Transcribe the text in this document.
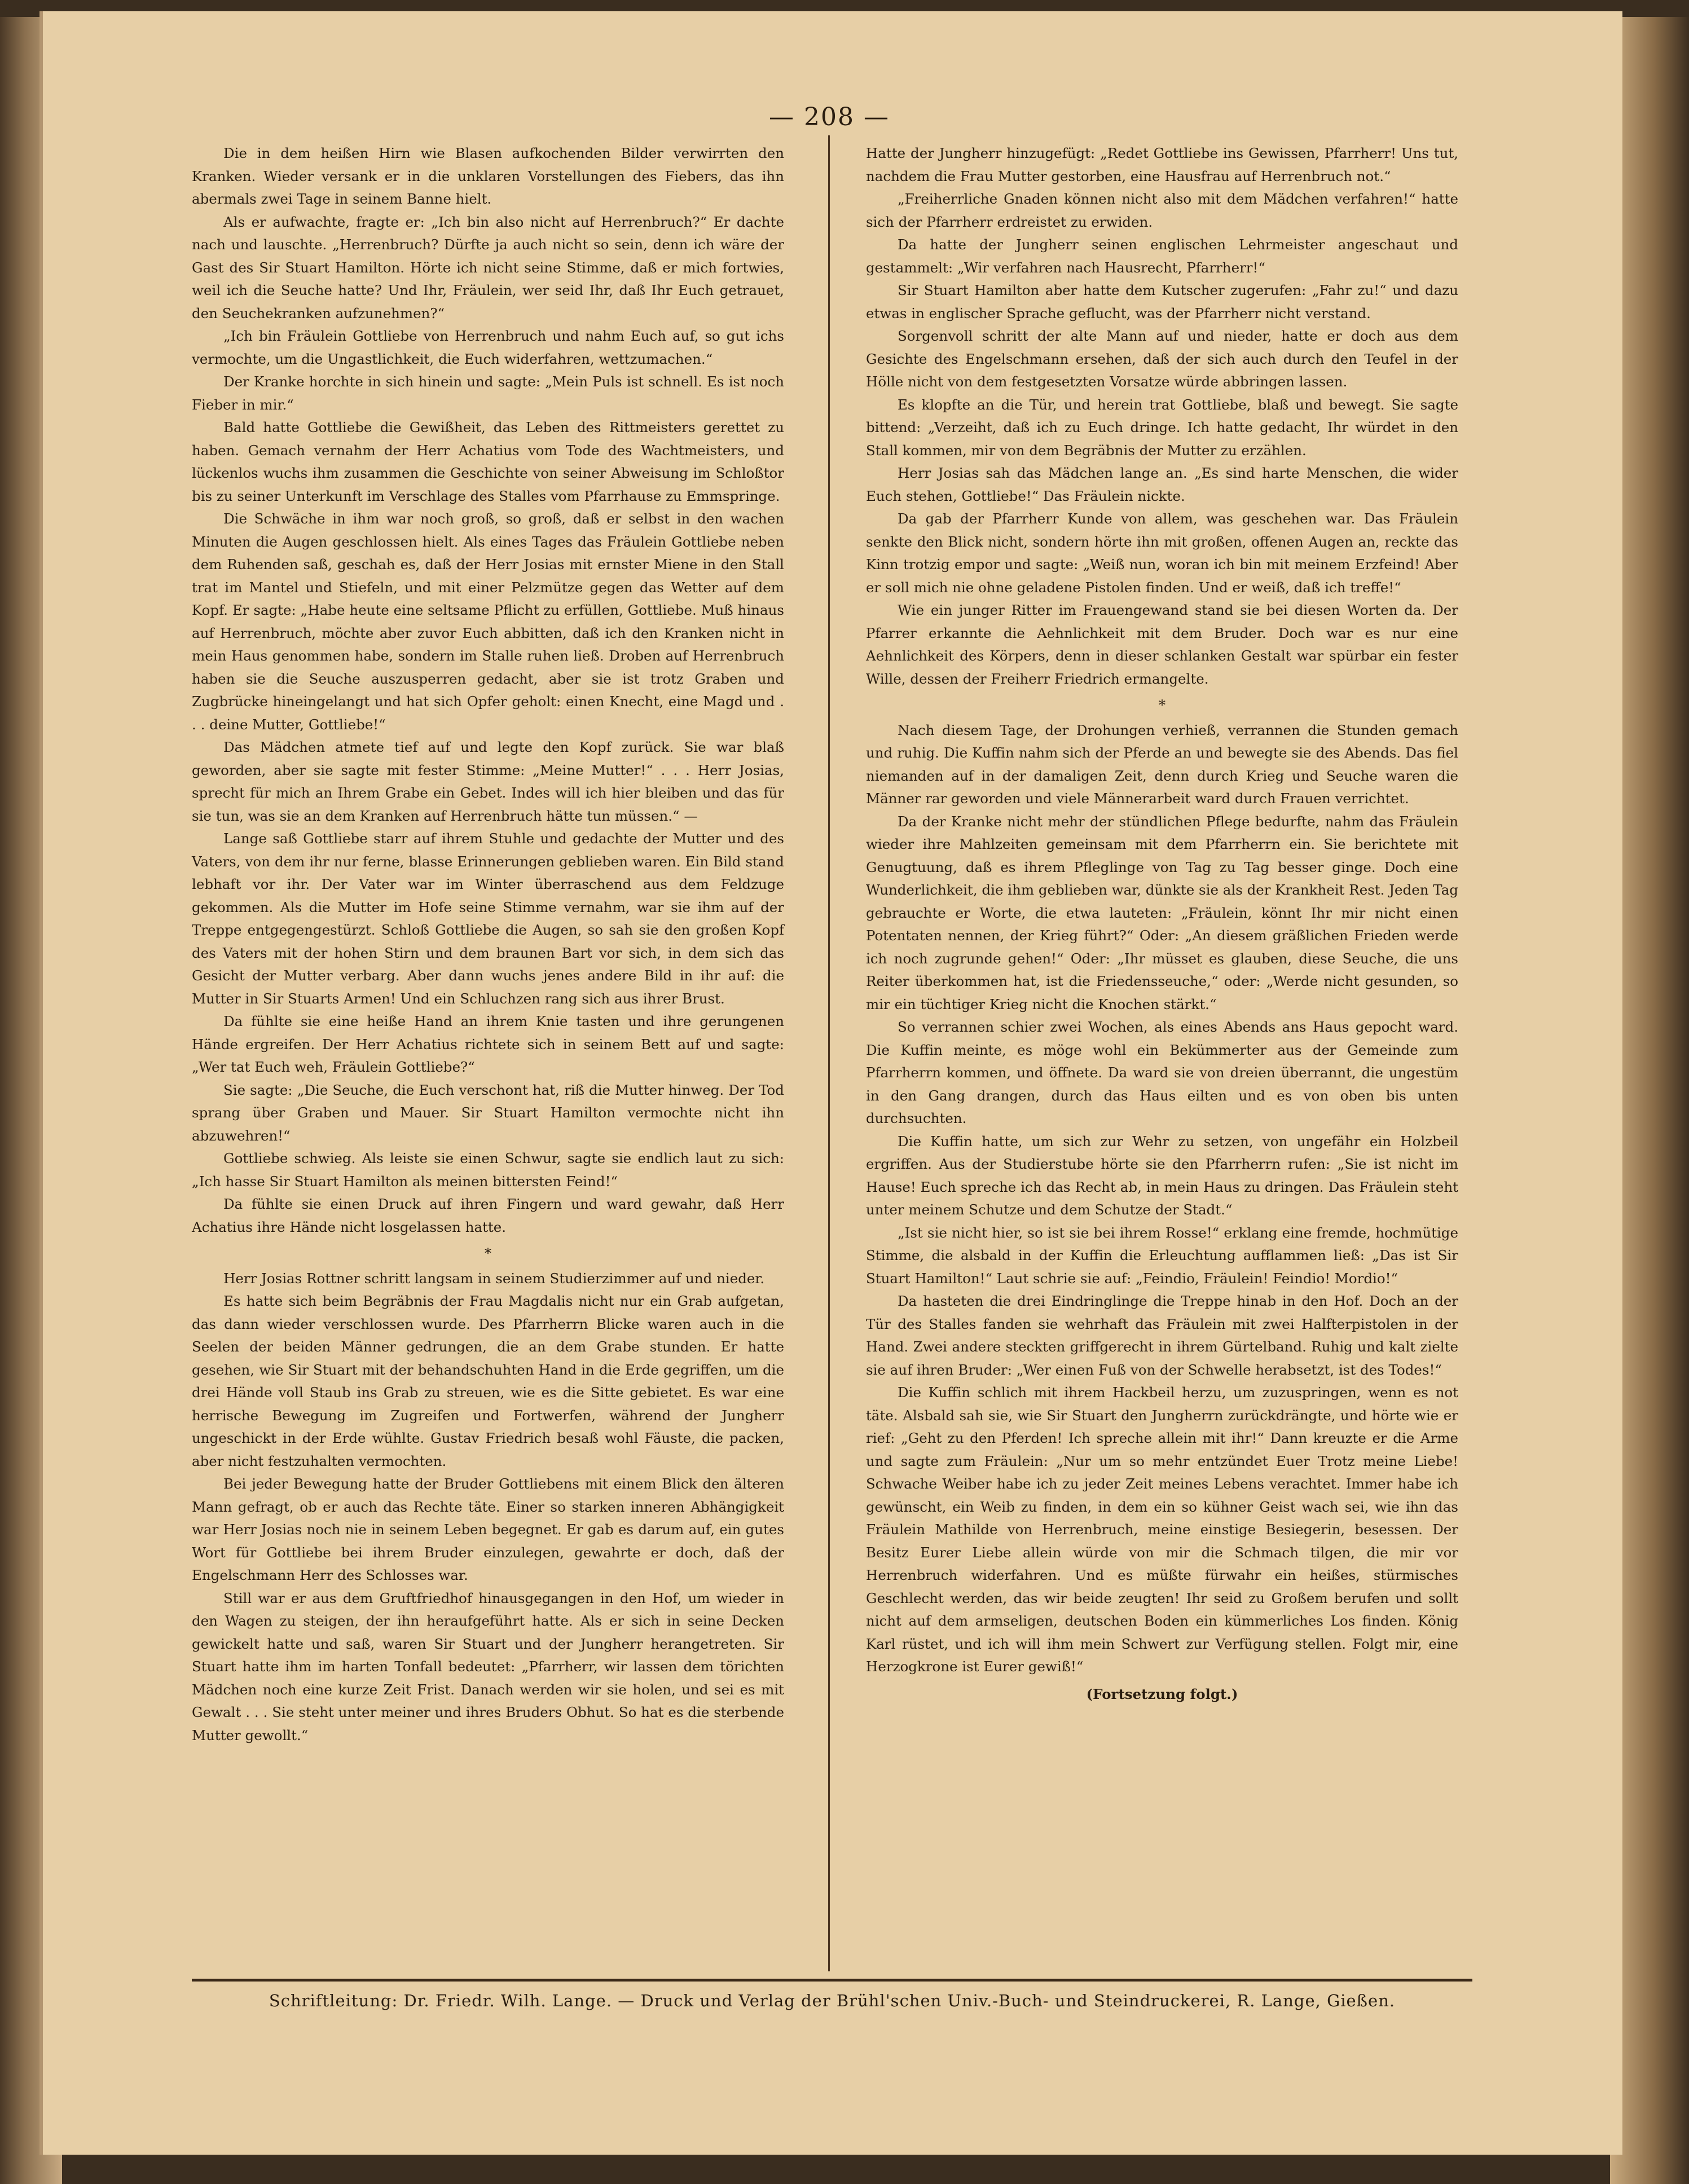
— 208 —

Die in dem heißen Hirn wie Blasen aufkochenden Bilder verwirrten den Kranken. Wieder versank er in die unklaren Vorstellungen des Fiebers, das ihn abermals zwei Tage in seinem Banne hielt.

Als er aufwachte, fragte er: „Ich bin also nicht auf Herrenbruch?“ Er dachte nach und lauschte. „Herrenbruch? Dürfte ja auch nicht so sein, denn ich wäre der Gast des Sir Stuart Hamilton. Hörte ich nicht seine Stimme, daß er mich fortwies, weil ich die Seuche hatte? Und Ihr, Fräulein, wer seid Ihr, daß Ihr Euch getrauet, den Seuchekranken aufzunehmen?“

„Ich bin Fräulein Gottliebe von Herrenbruch und nahm Euch auf, so gut ichs vermochte, um die Ungastlichkeit, die Euch widerfahren, wettzumachen.“

Der Kranke horchte in sich hinein und sagte: „Mein Puls ist schnell. Es ist noch Fieber in mir.“

Bald hatte Gottliebe die Gewißheit, das Leben des Rittmeisters gerettet zu haben. Gemach vernahm der Herr Achatius vom Tode des Wachtmeisters, und lückenlos wuchs ihm zusammen die Geschichte von seiner Abweisung im Schloßtor bis zu seiner Unterkunft im Verschlage des Stalles vom Pfarrhause zu Emmspringe.

Die Schwäche in ihm war noch groß, so groß, daß er selbst in den wachen Minuten die Augen geschlossen hielt. Als eines Tages das Fräulein Gottliebe neben dem Ruhenden saß, geschah es, daß der Herr Josias mit ernster Miene in den Stall trat im Mantel und Stiefeln, und mit einer Pelzmütze gegen das Wetter auf dem Kopf. Er sagte: „Habe heute eine seltsame Pflicht zu erfüllen, Gottliebe. Muß hinaus auf Herrenbruch, möchte aber zuvor Euch abbitten, daß ich den Kranken nicht in mein Haus genommen habe, sondern im Stalle ruhen ließ. Droben auf Herrenbruch haben sie die Seuche auszusperren gedacht, aber sie ist trotz Graben und Zugbrücke hineingelangt und hat sich Opfer geholt: einen Knecht, eine Magd und . . . deine Mutter, Gottliebe!“

Das Mädchen atmete tief auf und legte den Kopf zurück. Sie war blaß geworden, aber sie sagte mit fester Stimme: „Meine Mutter!“ . . . Herr Josias, sprecht für mich an Ihrem Grabe ein Gebet. Indes will ich hier bleiben und das für sie tun, was sie an dem Kranken auf Herrenbruch hätte tun müssen.“ —

Lange saß Gottliebe starr auf ihrem Stuhle und gedachte der Mutter und des Vaters, von dem ihr nur ferne, blasse Erinnerungen geblieben waren. Ein Bild stand lebhaft vor ihr. Der Vater war im Winter überraschend aus dem Feldzuge gekommen. Als die Mutter im Hofe seine Stimme vernahm, war sie ihm auf der Treppe entgegengestürzt. Schloß Gottliebe die Augen, so sah sie den großen Kopf des Vaters mit der hohen Stirn und dem braunen Bart vor sich, in dem sich das Gesicht der Mutter verbarg. Aber dann wuchs jenes andere Bild in ihr auf: die Mutter in Sir Stuarts Armen! Und ein Schluchzen rang sich aus ihrer Brust.

Da fühlte sie eine heiße Hand an ihrem Knie tasten und ihre gerungenen Hände ergreifen. Der Herr Achatius richtete sich in seinem Bett auf und sagte: „Wer tat Euch weh, Fräulein Gottliebe?“

Sie sagte: „Die Seuche, die Euch verschont hat, riß die Mutter hinweg. Der Tod sprang über Graben und Mauer. Sir Stuart Hamilton vermochte nicht ihn abzuwehren!“

Gottliebe schwieg. Als leiste sie einen Schwur, sagte sie endlich laut zu sich: „Ich hasse Sir Stuart Hamilton als meinen bittersten Feind!“

Da fühlte sie einen Druck auf ihren Fingern und ward gewahr, daß Herr Achatius ihre Hände nicht losgelassen hatte.

*

Herr Josias Rottner schritt langsam in seinem Studierzimmer auf und nieder.

Es hatte sich beim Begräbnis der Frau Magdalis nicht nur ein Grab aufgetan, das dann wieder verschlossen wurde. Des Pfarrherrn Blicke waren auch in die Seelen der beiden Männer gedrungen, die an dem Grabe stunden. Er hatte gesehen, wie Sir Stuart mit der behandschuhten Hand in die Erde gegriffen, um die drei Hände voll Staub ins Grab zu streuen, wie es die Sitte gebietet. Es war eine herrische Bewegung im Zugreifen und Fortwerfen, während der Jungherr ungeschickt in der Erde wühlte. Gustav Friedrich besaß wohl Fäuste, die packen, aber nicht festzuhalten vermochten.

Bei jeder Bewegung hatte der Bruder Gottliebens mit einem Blick den älteren Mann gefragt, ob er auch das Rechte täte. Einer so starken inneren Abhängigkeit war Herr Josias noch nie in seinem Leben begegnet. Er gab es darum auf, ein gutes Wort für Gottliebe bei ihrem Bruder einzulegen, gewahrte er doch, daß der Engelschmann Herr des Schlosses war.

Still war er aus dem Gruftfriedhof hinausgegangen in den Hof, um wieder in den Wagen zu steigen, der ihn heraufgeführt hatte. Als er sich in seine Decken gewickelt hatte und saß, waren Sir Stuart und der Jungherr herangetreten. Sir Stuart hatte ihm im harten Tonfall bedeutet: „Pfarrherr, wir lassen dem törichten Mädchen noch eine kurze Zeit Frist. Danach werden wir sie holen, und sei es mit Gewalt . . . Sie steht unter meiner und ihres Bruders Obhut. So hat es die sterbende Mutter gewollt.“

Hatte der Jungherr hinzugefügt: „Redet Gottliebe ins Gewissen, Pfarrherr! Uns tut, nachdem die Frau Mutter gestorben, eine Hausfrau auf Herrenbruch not.“

„Freiherrliche Gnaden können nicht also mit dem Mädchen verfahren!“ hatte sich der Pfarrherr erdreistet zu erwiden.

Da hatte der Jungherr seinen englischen Lehrmeister angeschaut und gestammelt: „Wir verfahren nach Hausrecht, Pfarrherr!“

Sir Stuart Hamilton aber hatte dem Kutscher zugerufen: „Fahr zu!“ und dazu etwas in englischer Sprache geflucht, was der Pfarrherr nicht verstand.

Sorgenvoll schritt der alte Mann auf und nieder, hatte er doch aus dem Gesichte des Engelschmann ersehen, daß der sich auch durch den Teufel in der Hölle nicht von dem festgesetzten Vorsatze würde abbringen lassen.

Es klopfte an die Tür, und herein trat Gottliebe, blaß und bewegt. Sie sagte bittend: „Verzeiht, daß ich zu Euch dringe. Ich hatte gedacht, Ihr würdet in den Stall kommen, mir von dem Begräbnis der Mutter zu erzählen.

Herr Josias sah das Mädchen lange an. „Es sind harte Menschen, die wider Euch stehen, Gottliebe!“ Das Fräulein nickte.

Da gab der Pfarrherr Kunde von allem, was geschehen war. Das Fräulein senkte den Blick nicht, sondern hörte ihn mit großen, offenen Augen an, reckte das Kinn trotzig empor und sagte: „Weiß nun, woran ich bin mit meinem Erzfeind! Aber er soll mich nie ohne geladene Pistolen finden. Und er weiß, daß ich treffe!“

Wie ein junger Ritter im Frauengewand stand sie bei diesen Worten da. Der Pfarrer erkannte die Aehnlichkeit mit dem Bruder. Doch war es nur eine Aehnlichkeit des Körpers, denn in dieser schlanken Gestalt war spürbar ein fester Wille, dessen der Freiherr Friedrich ermangelte.

*

Nach diesem Tage, der Drohungen verhieß, verrannen die Stunden gemach und ruhig. Die Kuffin nahm sich der Pferde an und bewegte sie des Abends. Das fiel niemanden auf in der damaligen Zeit, denn durch Krieg und Seuche waren die Männer rar geworden und viele Männerarbeit ward durch Frauen verrichtet.

Da der Kranke nicht mehr der stündlichen Pflege bedurfte, nahm das Fräulein wieder ihre Mahlzeiten gemeinsam mit dem Pfarrherrn ein. Sie berichtete mit Genugtuung, daß es ihrem Pfleglinge von Tag zu Tag besser ginge. Doch eine Wunderlichkeit, die ihm geblieben war, dünkte sie als der Krankheit Rest. Jeden Tag gebrauchte er Worte, die etwa lauteten: „Fräulein, könnt Ihr mir nicht einen Potentaten nennen, der Krieg führt?“ Oder: „An diesem gräßlichen Frieden werde ich noch zugrunde gehen!“ Oder: „Ihr müsset es glauben, diese Seuche, die uns Reiter überkommen hat, ist die Friedensseuche,“ oder: „Werde nicht gesunden, so mir ein tüchtiger Krieg nicht die Knochen stärkt.“

So verrannen schier zwei Wochen, als eines Abends ans Haus gepocht ward. Die Kuffin meinte, es möge wohl ein Bekümmerter aus der Gemeinde zum Pfarrherrn kommen, und öffnete. Da ward sie von dreien überrannt, die ungestüm in den Gang drangen, durch das Haus eilten und es von oben bis unten durchsuchten.

Die Kuffin hatte, um sich zur Wehr zu setzen, von ungefähr ein Holzbeil ergriffen. Aus der Studierstube hörte sie den Pfarrherrn rufen: „Sie ist nicht im Hause! Euch spreche ich das Recht ab, in mein Haus zu dringen. Das Fräulein steht unter meinem Schutze und dem Schutze der Stadt.“

„Ist sie nicht hier, so ist sie bei ihrem Rosse!“ erklang eine fremde, hochmütige Stimme, die alsbald in der Kuffin die Erleuchtung aufflammen ließ: „Das ist Sir Stuart Hamilton!“ Laut schrie sie auf: „Feindio, Fräulein! Feindio! Mordio!“

Da hasteten die drei Eindringlinge die Treppe hinab in den Hof. Doch an der Tür des Stalles fanden sie wehrhaft das Fräulein mit zwei Halfterpistolen in der Hand. Zwei andere steckten griffgerecht in ihrem Gürtelband. Ruhig und kalt zielte sie auf ihren Bruder: „Wer einen Fuß von der Schwelle herabsetzt, ist des Todes!“

Die Kuffin schlich mit ihrem Hackbeil herzu, um zuzuspringen, wenn es not täte. Alsbald sah sie, wie Sir Stuart den Jungherrn zurückdrängte, und hörte wie er rief: „Geht zu den Pferden! Ich spreche allein mit ihr!“ Dann kreuzte er die Arme und sagte zum Fräulein: „Nur um so mehr entzündet Euer Trotz meine Liebe! Schwache Weiber habe ich zu jeder Zeit meines Lebens verachtet. Immer habe ich gewünscht, ein Weib zu finden, in dem ein so kühner Geist wach sei, wie ihn das Fräulein Mathilde von Herrenbruch, meine einstige Besiegerin, besessen. Der Besitz Eurer Liebe allein würde von mir die Schmach tilgen, die mir vor Herrenbruch widerfahren. Und es müßte fürwahr ein heißes, stürmisches Geschlecht werden, das wir beide zeugten! Ihr seid zu Großem berufen und sollt nicht auf dem armseligen, deutschen Boden ein kümmerliches Los finden. König Karl rüstet, und ich will ihm mein Schwert zur Verfügung stellen. Folgt mir, eine Herzogkrone ist Eurer gewiß!“

(Fortsetzung folgt.)

Schriftleitung: Dr. Friedr. Wilh. Lange. — Druck und Verlag der Brühl'schen Univ.-Buch- und Steindruckerei, R. Lange, Gießen.
